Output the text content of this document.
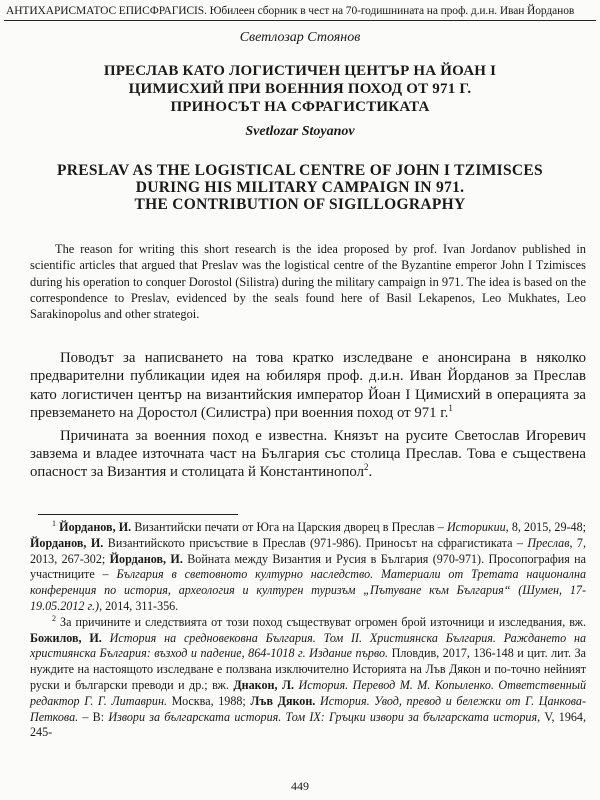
АНТИХАРИСМАТОС ЕПИСФРАГИСІS. Юбилеен сборник в чест на 70-годишнината на проф. д.и.н. Иван Йорданов
Светлозар Стоянов
ПРЕСЛАВ КАТО ЛОГИСТИЧЕН ЦЕНТЪР НА ЙОАН I
ЦИМИСХИЙ ПРИ ВОЕННИЯ ПОХОД ОТ 971 Г.
ПРИНОСЪТ НА СФРАГИСТИКАТА
Svetlozar Stoyanov
PRESLAV AS THE LOGISTICAL CENTRE OF JOHN I TZIMISCES
DURING HIS MILITARY CAMPAIGN IN 971.
THE CONTRIBUTION OF SIGILLOGRAPHY
The reason for writing this short research is the idea proposed by prof. Ivan Jordanov published in scientific articles that argued that Preslav was the logistical centre of the Byzantine emperor John I Tzimisces during his operation to conquer Dorostol (Silistra) during the military campaign in 971. The idea is based on the correspondence to Preslav, evidenced by the seals found here of Basil Lekapenos, Leo Mukhates, Leo Sarakinopolus and other strategoi.

Поводът за написването на това кратко изследване е анонсирана в няколко предварителни публикации идея на юбиляря проф. д.и.н. Иван Йорданов за Преслав като логистичен център на византийския император Йоан I Цимисхий в операцията за превземането на Доростол (Силистра) при военния поход от 971 г.$^1$

Причината за военния поход е известна. Князът на русите Светослав Игоревич завзема и владее източната част на България със столица Преслав. Това е съществена опасност за Византия и столицата й Константинопол$^2$.

$^1$ Йорданов, И. Византийски печати от Юга на Царския дворец в Преслав – Историкии, 8, 2015, 29-48; Йорданов, И. Византийското присъствие в Преслав (971-986). Приносът на сфрагистиката – Преслав, 7, 2013, 267-302; Йорданов, И. Войната между Византия и Русия в България (970-971). Просопография на участниците – България в световното културно наследство. Материали от Третата национална конференция по история, археология и културен туризъм „Пътуване към България“ (Шумен, 17-19.05.2012 г.), 2014, 311-356.

$^2$ За причините и следствията от този поход съществуват огромен брой източници и изследвания, вж. Божилов, И. История на средновековна България. Том II. Християнска България. Раждането на християнска България: възход и падение, 864-1018 г. Издание първо. Пловдив, 2017, 136-148 и цит. лит. За нуждите на настоящото изследване е ползвана изключително Историята на Лъв Дякон и по-точно нейният руски и български преводи и др.; вж. Днакон, Л. История. Перевод М. М. Копыленко. Ответственный редактор Г. Г. Литаврин. Москва, 1988; Лъв Дякон. История. Увод, превод и бележки от Г. Цанкова-Петкова. – В: Извори за българската история. Том IX: Гръцки извори за българската история, V, 1964, 245-

449
